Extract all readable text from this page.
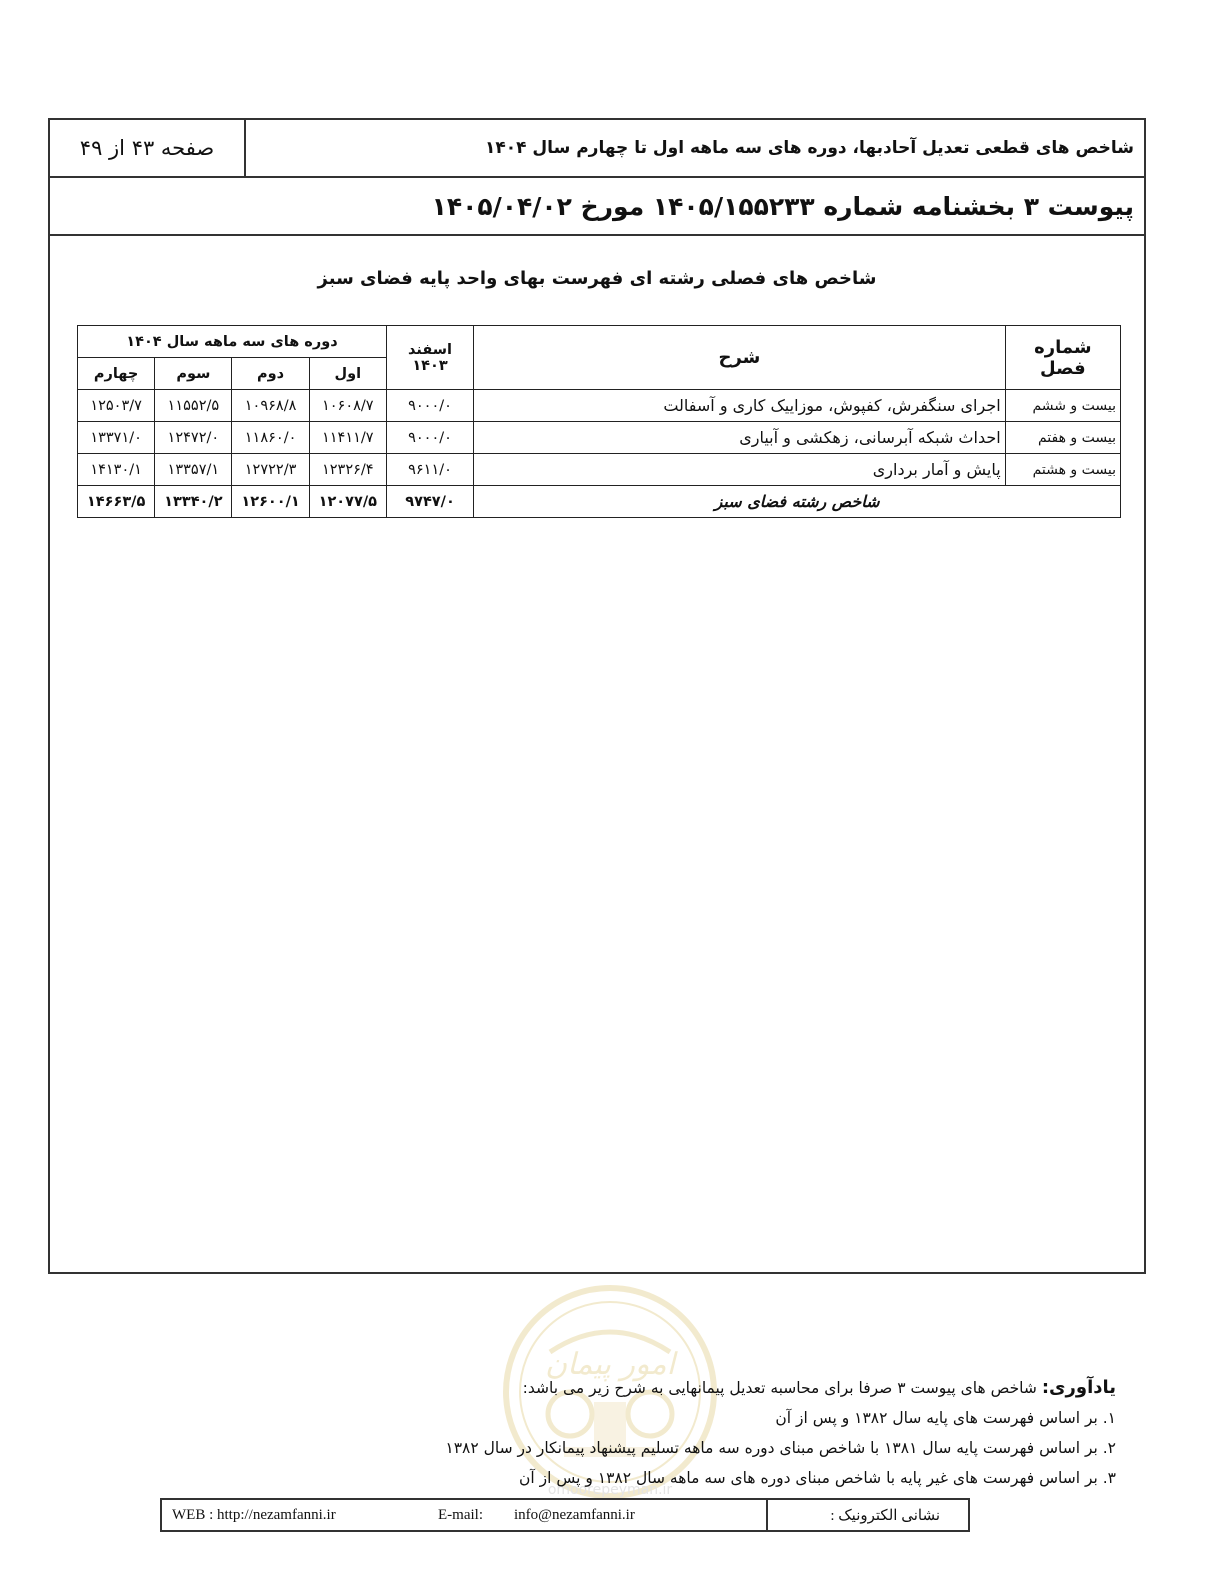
صفحه ۴۳ از ۴۹	شاخص های قطعی تعدیل آحادبها، دوره های سه ماهه اول تا چهارم سال ۱۴۰۴
پیوست ۳ بخشنامه شماره ۱۴۰۵/۱۵۵۲۳۳ مورخ ۱۴۰۵/۰۴/۰۲
شاخص های فصلی رشته ای فهرست بهای واحد پایه فضای سبز
شماره فصل	شرح	اسفند ۱۴۰۳	دوره های سه ماهه سال ۱۴۰۴			
			اول	دوم	سوم	چهارم
بیست و ششم	اجرای سنگفرش، کفپوش، موزاییک کاری و آسفالت	۹۰۰۰/۰	۱۰۶۰۸/۷	۱۰۹۶۸/۸	۱۱۵۵۲/۵	۱۲۵۰۳/۷
بیست و هفتم	احداث شبکه آبرسانی، زهکشی و آبیاری	۹۰۰۰/۰	۱۱۴۱۱/۷	۱۱۸۶۰/۰	۱۲۴۷۲/۰	۱۳۳۷۱/۰
بیست و هشتم	پایش و آمار برداری	۹۶۱۱/۰	۱۲۳۲۶/۴	۱۲۷۲۲/۳	۱۳۳۵۷/۱	۱۴۱۳۰/۱
شاخص رشته فضای سبز		۹۷۴۷/۰	۱۲۰۷۷/۵	۱۲۶۰۰/۱	۱۳۳۴۰/۲	۱۴۶۶۳/۵
امور پیمان
omoorepeyman.ir
یادآوری: شاخص های پیوست ۳ صرفا برای محاسبه تعدیل پیمانهایی به شرح زیر می باشد:
۱. بر اساس فهرست های پایه سال ۱۳۸۲ و پس از آن
۲. بر اساس فهرست پایه سال ۱۳۸۱ با شاخص مبنای دوره سه ماهه تسلیم پیشنهاد پیمانکار در سال ۱۳۸۲
۳. بر اساس فهرست های غیر پایه با شاخص مبنای دوره های سه ماهه سال ۱۳۸۲ و پس از آن
نشانی الکترونیک :
WEB : http://nezamfanni.ir	E-mail: info@nezamfanni.ir
